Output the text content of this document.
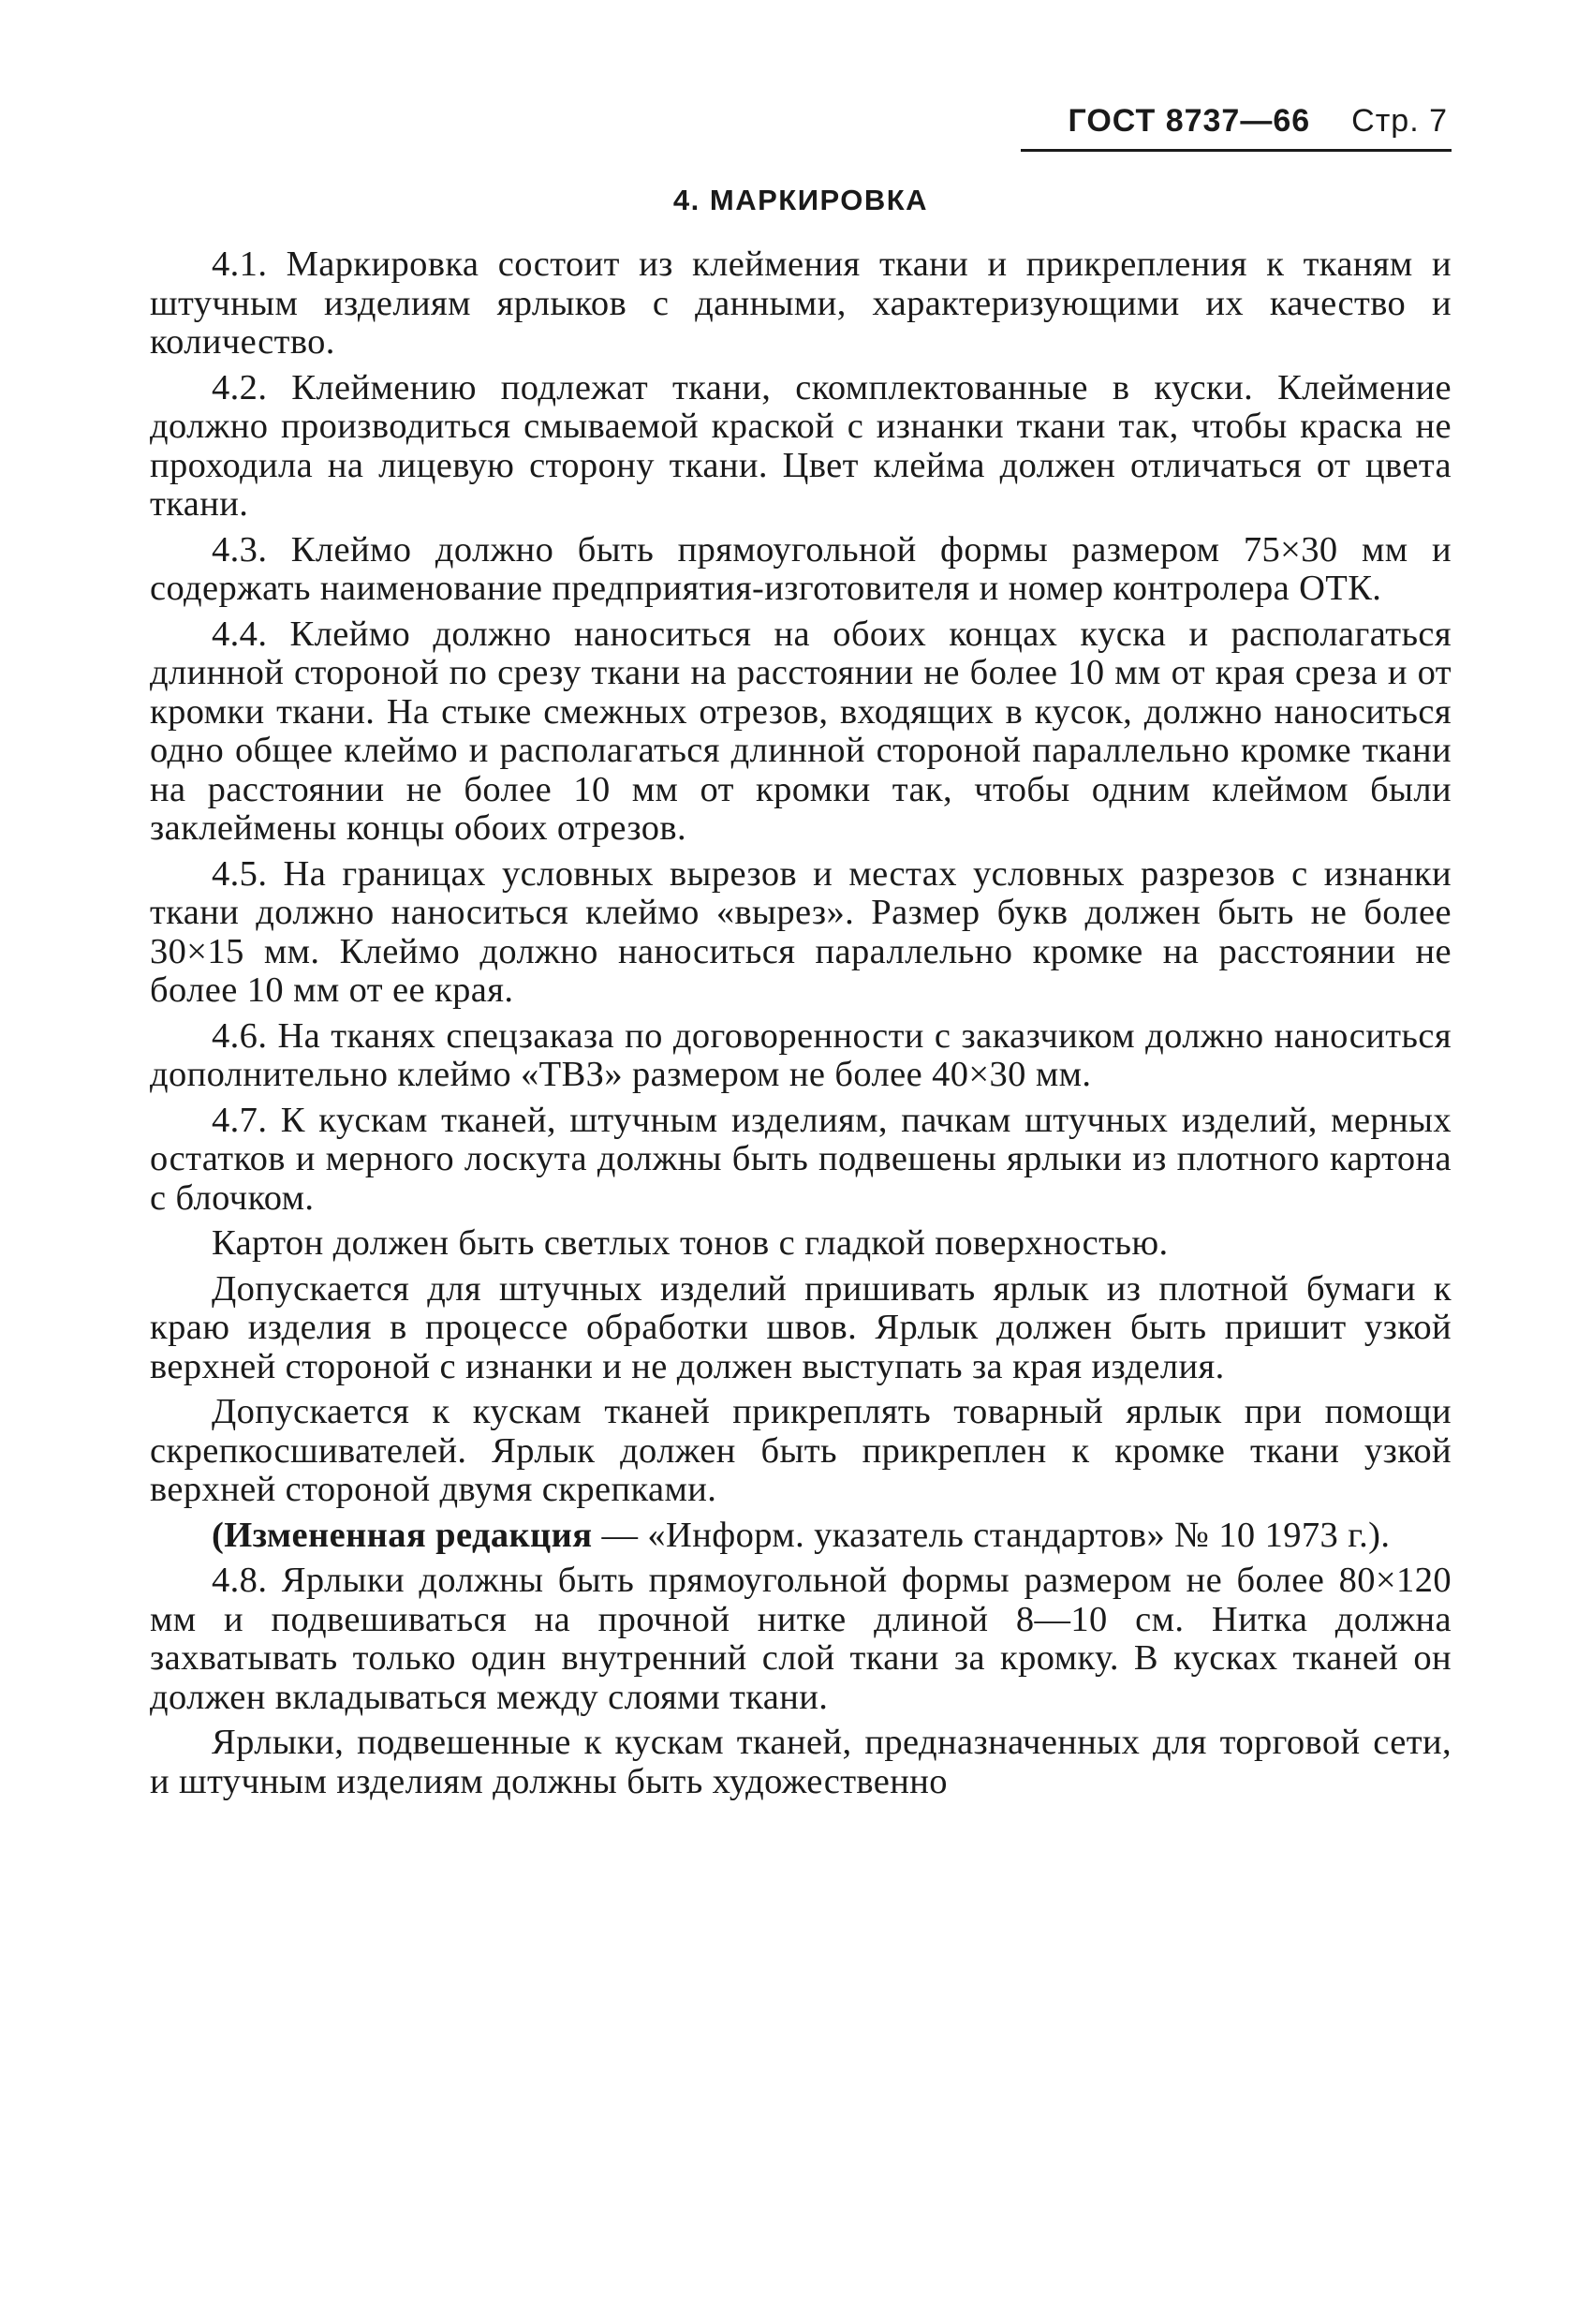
ГОСТ 8737—66 Стр. 7
4. МАРКИРОВКА

4.1. Маркировка состоит из клеймения ткани и прикрепления к тканям и штучным изделиям ярлыков с данными, характеризующими их качество и количество.

4.2. Клеймению подлежат ткани, скомплектованные в куски. Клеймение должно производиться смываемой краской с изнанки ткани так, чтобы краска не проходила на лицевую сторону ткани. Цвет клейма должен отличаться от цвета ткани.

4.3. Клеймо должно быть прямоугольной формы размером 75×30 мм и содержать наименование предприятия-изготовителя и номер контролера ОТК.

4.4. Клеймо должно наноситься на обоих концах куска и располагаться длинной стороной по срезу ткани на расстоянии не более 10 мм от края среза и от кромки ткани. На стыке смежных отрезов, входящих в кусок, должно наноситься одно общее клеймо и располагаться длинной стороной параллельно кромке ткани на расстоянии не более 10 мм от кромки так, чтобы одним клеймом были заклеймены концы обоих отрезов.

4.5. На границах условных вырезов и местах условных разрезов с изнанки ткани должно наноситься клеймо «вырез». Размер букв должен быть не более 30×15 мм. Клеймо должно наноситься параллельно кромке на расстоянии не более 10 мм от ее края.

4.6. На тканях спецзаказа по договоренности с заказчиком должно наноситься дополнительно клеймо «ТВЗ» размером не более 40×30 мм.

4.7. К кускам тканей, штучным изделиям, пачкам штучных изделий, мерных остатков и мерного лоскута должны быть подвешены ярлыки из плотного картона с блочком.

Картон должен быть светлых тонов с гладкой поверхностью.

Допускается для штучных изделий пришивать ярлык из плотной бумаги к краю изделия в процессе обработки швов. Ярлык должен быть пришит узкой верхней стороной с изнанки и не должен выступать за края изделия.

Допускается к кускам тканей прикреплять товарный ярлык при помощи скрепкосшивателей. Ярлык должен быть прикреплен к кромке ткани узкой верхней стороной двумя скрепками.

(Измененная редакция — «Информ. указатель стандартов» № 10 1973 г.).

4.8. Ярлыки должны быть прямоугольной формы размером не более 80×120 мм и подвешиваться на прочной нитке длиной 8—10 см. Нитка должна захватывать только один внутренний слой ткани за кромку. В кусках тканей он должен вкладываться между слоями ткани.

Ярлыки, подвешенные к кускам тканей, предназначенных для торговой сети, и штучным изделиям должны быть художественно
